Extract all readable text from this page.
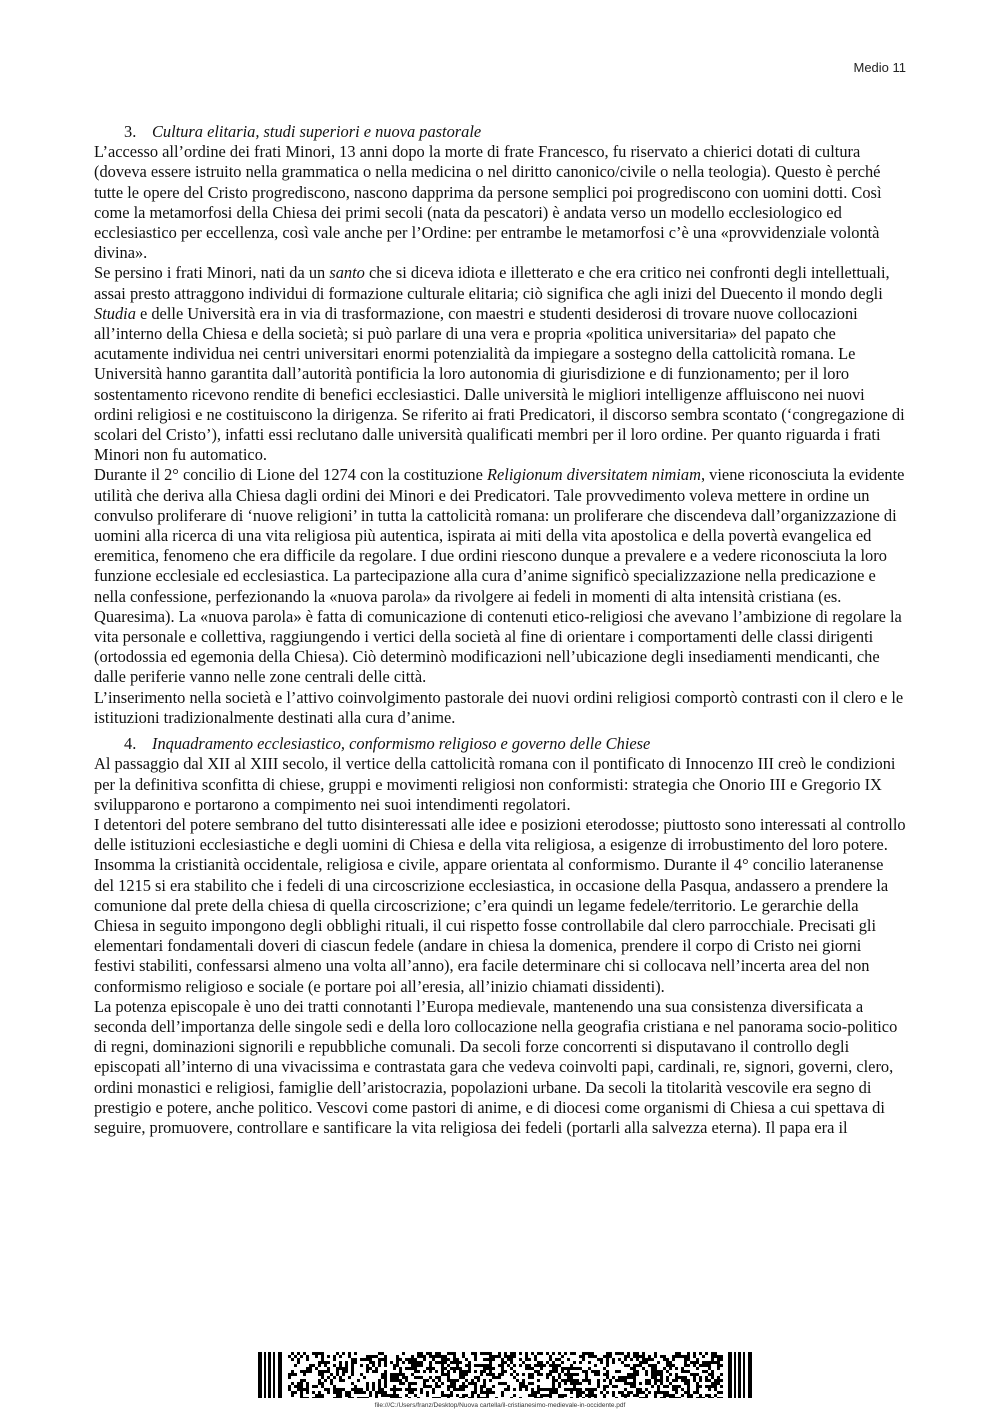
Medio 11
3. Cultura elitaria, studi superiori e nuova pastorale

L’accesso all’ordine dei frati Minori, 13 anni dopo la morte di frate Francesco, fu riservato a chierici dotati di cultura (doveva essere istruito nella grammatica o nella medicina o nel diritto canonico/civile o nella teologia). Questo è perché tutte le opere del Cristo progrediscono, nascono dapprima da persone semplici poi progrediscono con uomini dotti. Così come la metamorfosi della Chiesa dei primi secoli (nata da pescatori) è andata verso un modello ecclesiologico ed ecclesiastico per eccellenza, così vale anche per l’Ordine: per entrambe le metamorfosi c’è una «provvidenziale volontà divina».

Se persino i frati Minori, nati da un santo che si diceva idiota e illetterato e che era critico nei confronti degli intellettuali, assai presto attraggono individui di formazione culturale elitaria; ciò significa che agli inizi del Duecento il mondo degli Studia e delle Università era in via di trasformazione, con maestri e studenti desiderosi di trovare nuove collocazioni all’interno della Chiesa e della società; si può parlare di una vera e propria «politica universitaria» del papato che acutamente individua nei centri universitari enormi potenzialità da impiegare a sostegno della cattolicità romana. Le Università hanno garantita dall’autorità pontificia la loro autonomia di giurisdizione e di funzionamento; per il loro sostentamento ricevono rendite di benefici ecclesiastici. Dalle università le migliori intelligenze affluiscono nei nuovi ordini religiosi e ne costituiscono la dirigenza. Se riferito ai frati Predicatori, il discorso sembra scontato (‘congregazione di scolari del Cristo’), infatti essi reclutano dalle università qualificati membri per il loro ordine. Per quanto riguarda i frati Minori non fu automatico.

Durante il 2° concilio di Lione del 1274 con la costituzione Religionum diversitatem nimiam, viene riconosciuta la evidente utilità che deriva alla Chiesa dagli ordini dei Minori e dei Predicatori. Tale provvedimento voleva mettere in ordine un convulso proliferare di ‘nuove religioni’ in tutta la cattolicità romana: un proliferare che discendeva dall’organizzazione di uomini alla ricerca di una vita religiosa più autentica, ispirata ai miti della vita apostolica e della povertà evangelica ed eremitica, fenomeno che era difficile da regolare. I due ordini riescono dunque a prevalere e a vedere riconosciuta la loro funzione ecclesiale ed ecclesiastica. La partecipazione alla cura d’anime significò specializzazione nella predicazione e nella confessione, perfezionando la «nuova parola» da rivolgere ai fedeli in momenti di alta intensità cristiana (es. Quaresima). La «nuova parola» è fatta di comunicazione di contenuti etico-religiosi che avevano l’ambizione di regolare la vita personale e collettiva, raggiungendo i vertici della società al fine di orientare i comportamenti delle classi dirigenti (ortodossia ed egemonia della Chiesa). Ciò determinò modificazioni nell’ubicazione degli insediamenti mendicanti, che dalle periferie vanno nelle zone centrali delle città.

L’inserimento nella società e l’attivo coinvolgimento pastorale dei nuovi ordini religiosi comportò contrasti con il clero e le istituzioni tradizionalmente destinati alla cura d’anime.

4. Inquadramento ecclesiastico, conformismo religioso e governo delle Chiese

Al passaggio dal XII al XIII secolo, il vertice della cattolicità romana con il pontificato di Innocenzo III creò le condizioni per la definitiva sconfitta di chiese, gruppi e movimenti religiosi non conformisti: strategia che Onorio III e Gregorio IX svilupparono e portarono a compimento nei suoi intendimenti regolatori.

I detentori del potere sembrano del tutto disinteressati alle idee e posizioni eterodosse; piuttosto sono interessati al controllo delle istituzioni ecclesiastiche e degli uomini di Chiesa e della vita religiosa, a esigenze di irrobustimento del loro potere. Insomma la cristianità occidentale, religiosa e civile, appare orientata al conformismo. Durante il 4° concilio lateranense del 1215 si era stabilito che i fedeli di una circoscrizione ecclesiastica, in occasione della Pasqua, andassero a prendere la comunione dal prete della chiesa di quella circoscrizione; c’era quindi un legame fedele/territorio. Le gerarchie della Chiesa in seguito impongono degli obblighi rituali, il cui rispetto fosse controllabile dal clero parrocchiale. Precisati gli elementari fondamentali doveri di ciascun fedele (andare in chiesa la domenica, prendere il corpo di Cristo nei giorni festivi stabiliti, confessarsi almeno una volta all’anno), era facile determinare chi si collocava nell’incerta area del non conformismo religioso e sociale (e portare poi all’eresia, all’inizio chiamati dissidenti).

La potenza episcopale è uno dei tratti connotanti l’Europa medievale, mantenendo una sua consistenza diversificata a seconda dell’importanza delle singole sedi e della loro collocazione nella geografia cristiana e nel panorama socio-politico di regni, dominazioni signorili e repubbliche comunali. Da secoli forze concorrenti si disputavano il controllo degli episcopati all’interno di una vivacissima e contrastata gara che vedeva coinvolti papi, cardinali, re, signori, governi, clero, ordini monastici e religiosi, famiglie dell’aristocrazia, popolazioni urbane. Da secoli la titolarità vescovile era segno di prestigio e potere, anche politico. Vescovi come pastori di anime, e di diocesi come organismi di Chiesa a cui spettava di seguire, promuovere, controllare e santificare la vita religiosa dei fedeli (portarli alla salvezza eterna). Il papa era il

file:///C:/Users/franz/Desktop/Nuova cartella/il-cristianesimo-medievale-in-occidente.pdf
